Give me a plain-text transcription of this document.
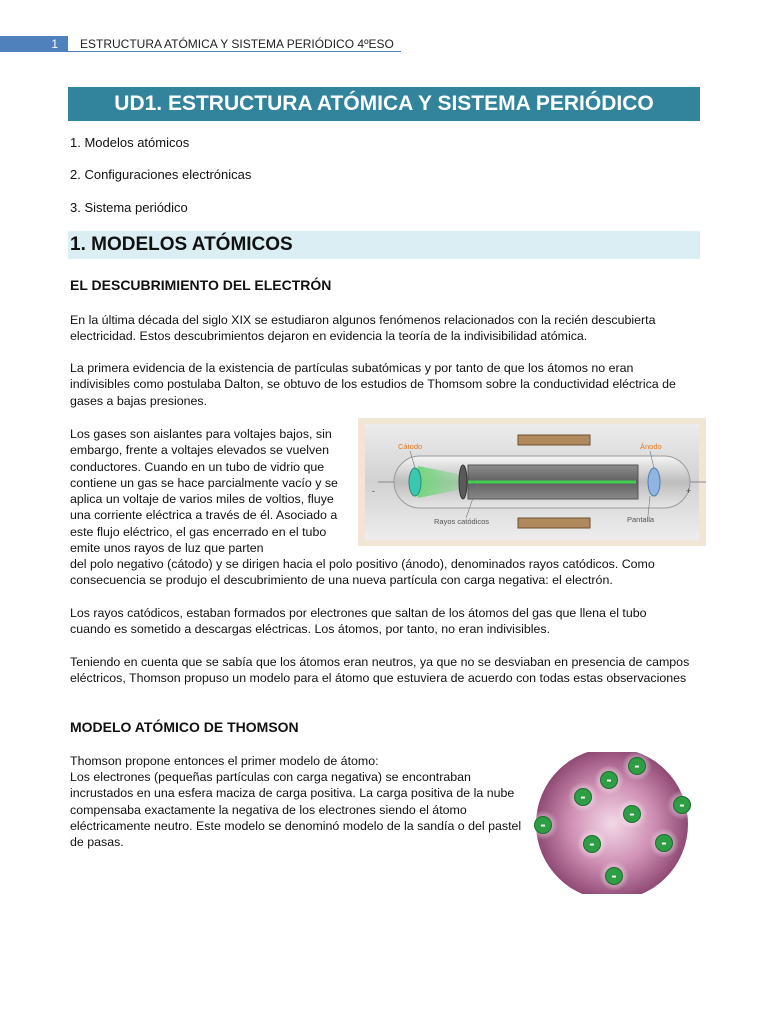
1	ESTRUCTURA ATÓMICA Y SISTEMA PERIÓDICO 4ºESO
UD1. ESTRUCTURA ATÓMICA Y SISTEMA PERIÓDICO
1. Modelos atómicos
2. Configuraciones electrónicas
3. Sistema periódico
1. MODELOS ATÓMICOS
EL DESCUBRIMIENTO DEL ELECTRÓN

En la última década del siglo XIX se estudiaron algunos fenómenos relacionados con la recién descubierta electricidad. Estos descubrimientos dejaron en evidencia la teoría de la indivisibilidad atómica.

La primera evidencia de la existencia de partículas subatómicas y por tanto de que los átomos no eran indivisibles como postulaba Dalton, se obtuvo de los estudios de Thomsom sobre la conductividad eléctrica de gases a bajas presiones.

Los gases son aislantes para voltajes bajos, sin embargo, frente a voltajes elevados se vuelven conductores. Cuando en un tubo de vidrio que contiene un gas se hace parcialmente vacío y se aplica un voltaje de varios miles de voltios, fluye una corriente eléctrica a través de él. Asociado a este flujo eléctrico, el gas encerrado en el tubo emite unos rayos de luz que parten

del polo negativo (cátodo) y se dirigen hacia el polo positivo (ánodo), denominados rayos catódicos. Como consecuencia se produjo el descubrimiento de una nueva partícula con carga negativa: el electrón.

Los rayos catódicos, estaban formados por electrones que saltan de los átomos del gas que llena el tubo cuando es sometido a descargas eléctricas. Los átomos, por tanto, no eran indivisibles.

Teniendo en cuenta que se sabía que los átomos eran neutros, ya que no se desviaban en presencia de campos eléctricos, Thomson propuso un modelo para el átomo que estuviera de acuerdo con todas estas observaciones

MODELO ATÓMICO DE THOMSON

Thomson propone entonces el primer modelo de átomo:

Los electrones (pequeñas partículas con carga negativa) se encontraban incrustados en una esfera maciza de carga positiva. La carga positiva de la nube compensaba exactamente la negativa de los electrones siendo el átomo eléctricamente neutro. Este modelo se denominó modelo de la sandía o del pastel de pasas.

Cátodo	Ánodo
Rayos catódicos	Pantalla
-	+
-
-
-
-
-
-
-	-
-
